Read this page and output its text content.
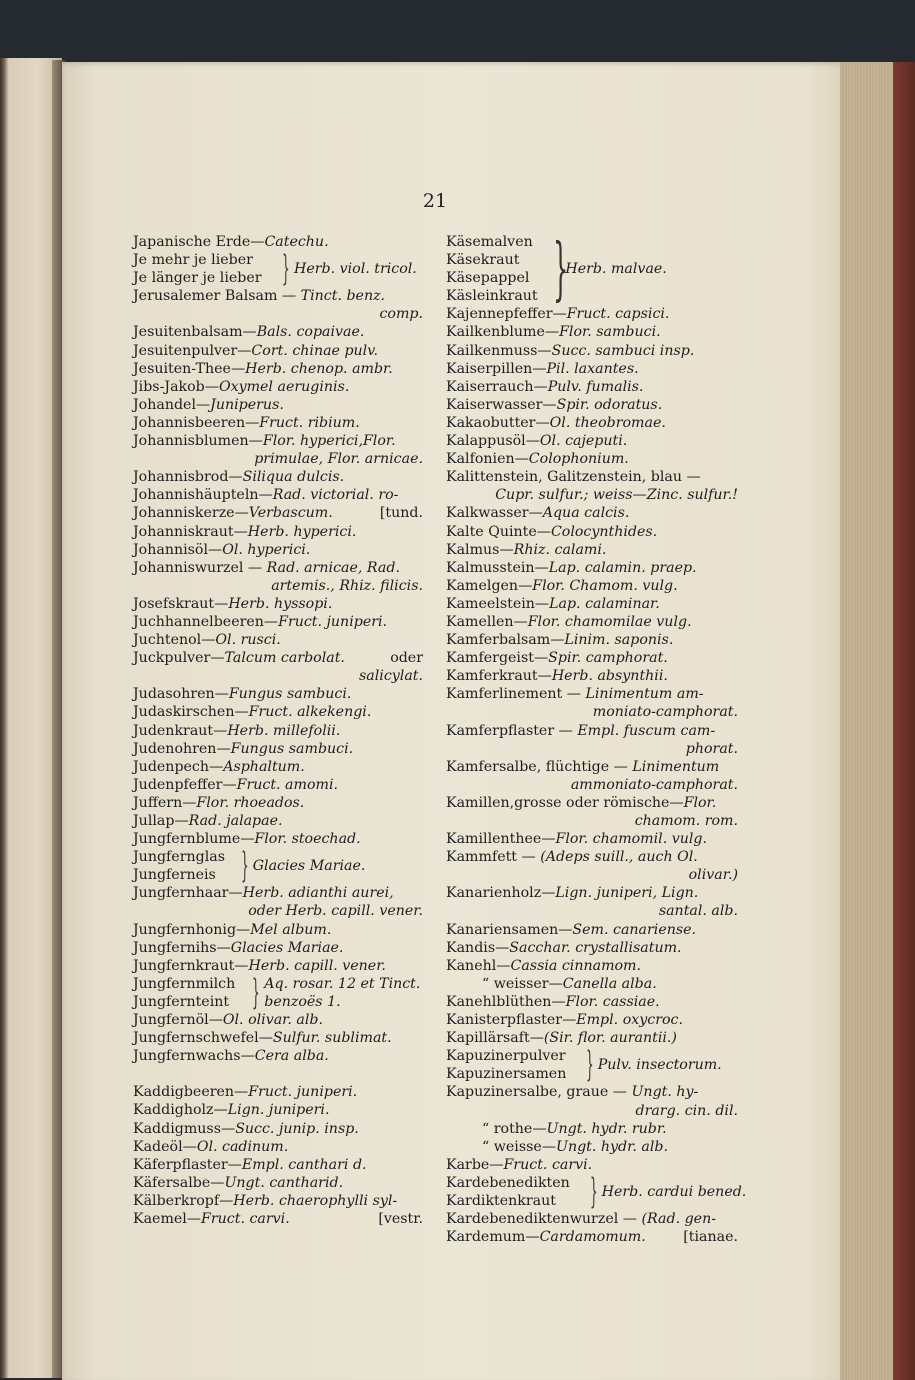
21
Japanische Erde—Catechu.
Je mehr je lieber
Je länger je lieber } Herb. viol. tricol.
Jerusalemer Balsam — Tinct. benz.
comp.
Jesuitenbalsam—Bals. copaivae.
Jesuitenpulver—Cort. chinae pulv.
Jesuiten-Thee—Herb. chenop. ambr.
Jibs-Jakob—Oxymel aeruginis.
Johandel—Juniperus.
Johannisbeeren—Fruct. ribium.
Johannisblumen—Flor. hyperici,Flor.
primulae, Flor. arnicae.
Johannisbrod—Siliqua dulcis.
Johannishäupteln—Rad. victorial. ro-
Johanniskerze—Verbascum.	[tund.
Johanniskraut—Herb. hyperici.
Johannisöl—Ol. hyperici.
Johanniswurzel — Rad. arnicae, Rad.
artemis., Rhiz. filicis.
Josefskraut—Herb. hyssopi.
Juchhannelbeeren—Fruct. juniperi.
Juchtenol—Ol. rusci.
Juckpulver—Talcum carbolat.	oder
salicylat.
Judasohren—Fungus sambuci.
Judaskirschen—Fruct. alkekengi.
Judenkraut—Herb. millefolii.
Judenohren—Fungus sambuci.
Judenpech—Asphaltum.
Judenpfeffer—Fruct. amomi.
Juffern—Flor. rhoeados.
Jullap—Rad. jalapae.
Jungfernblume—Flor. stoechad.
Jungfernglas
Jungferneis } Glacies Mariae.
Jungfernhaar—Herb. adianthi aurei,
oder Herb. capill. vener.
Jungfernhonig—Mel album.
Jungfernihs—Glacies Mariae.
Jungfernkraut—Herb. capill. vener.
Jungfernmilch
Jungfernteint } Aq. rosar. 12 et Tinct.
benzoës 1.
Jungfernöl—Ol. olivar. alb.
Jungfernschwefel—Sulfur. sublimat.
Jungfernwachs—Cera alba.
Kaddigbeeren—Fruct. juniperi.
Kaddigholz—Lign. juniperi.
Kaddigmuss—Succ. junip. insp.
Kadeöl—Ol. cadinum.
Käferpflaster—Empl. canthari d.
Käfersalbe—Ungt. cantharid.
Kälberkropf—Herb. chaerophylli syl-
Kaemel—Fruct. carvi.	[vestr.
Käsemalven
Käsekraut
Käsepappel
Käsleinkraut }
Herb. malvae.
Kajennepfeffer—Fruct. capsici.
Kailkenblume—Flor. sambuci.
Kailkenmuss—Succ. sambuci insp.
Kaiserpillen—Pil. laxantes.
Kaiserrauch—Pulv. fumalis.
Kaiserwasser—Spir. odoratus.
Kakaobutter—Ol. theobromae.
Kalappusöl—Ol. cajeputi.
Kalfonien—Colophonium.
Kalittenstein, Galitzenstein, blau —
Cupr. sulfur.; weiss—Zinc. sulfur.!
Kalkwasser—Aqua calcis.
Kalte Quinte—Colocynthides.
Kalmus—Rhiz. calami.
Kalmusstein—Lap. calamin. praep.
Kamelgen—Flor. Chamom. vulg.
Kameelstein—Lap. calaminar.
Kamellen—Flor. chamomilae vulg.
Kamferbalsam—Linim. saponis.
Kamfergeist—Spir. camphorat.
Kamferkraut—Herb. absynthii.
Kamferlinement — Linimentum am-
moniato-camphorat.
Kamferpflaster — Empl. fuscum cam-
phorat.
Kamfersalbe, flüchtige — Linimentum
ammoniato-camphorat.
Kamillen,grosse oder römische—Flor.
chamom. rom.
Kamillenthee—Flor. chamomil. vulg.
Kammfett — (Adeps suill., auch Ol.
olivar.)
Kanarienholz—Lign. juniperi, Lign.
santal. alb.
Kanariensamen—Sem. canariense.
Kandis—Sacchar. crystallisatum.
Kanehl—Cassia cinnamom.
“ weisser—Canella alba.
Kanehlblüthen—Flor. cassiae.
Kanisterpflaster—Empl. oxycroc.
Kapillärsaft—(Sir. flor. aurantii.)
Kapuzinerpulver
Kapuzinersamen } Pulv. insectorum.
Kapuzinersalbe, graue — Ungt. hy-
drarg. cin. dil.
“ rothe—Ungt. hydr. rubr.
“ weisse—Ungt. hydr. alb.
Karbe—Fruct. carvi.
Kardebenedikten
Kardiktenkraut } Herb. cardui bened.
Kardebenediktenwurzel — (Rad. gen-
Kardemum—Cardamomum.	[tianae.
